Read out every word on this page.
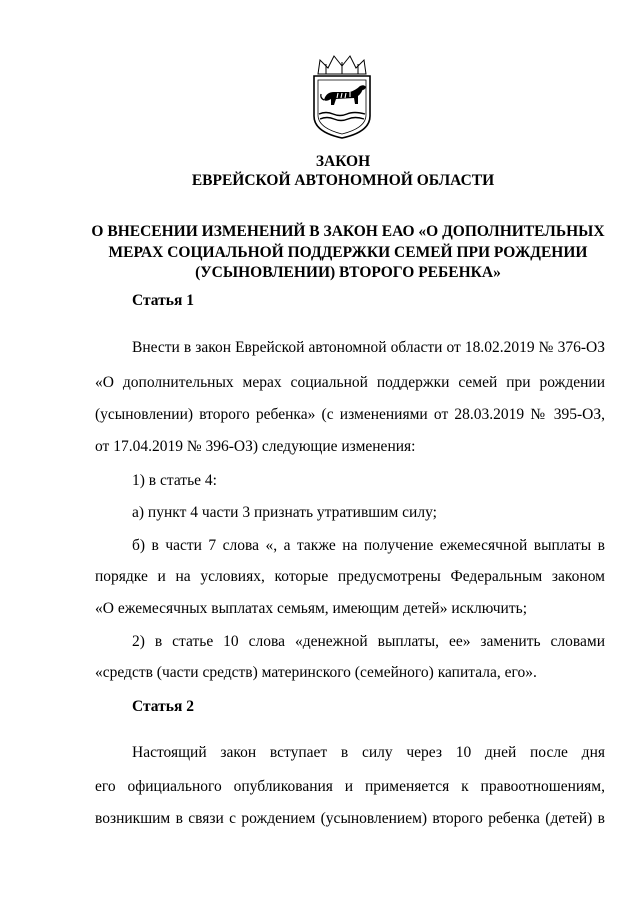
ЗАКОН
ЕВРЕЙСКОЙ АВТОНОМНОЙ ОБЛАСТИ
О ВНЕСЕНИИ ИЗМЕНЕНИЙ В ЗАКОН ЕАО «О ДОПОЛНИТЕЛЬНЫХ
МЕРАХ СОЦИАЛЬНОЙ ПОДДЕРЖКИ СЕМЕЙ ПРИ РОЖДЕНИИ
(УСЫНОВЛЕНИИ) ВТОРОГО РЕБЕНКА»
Статья 1
Внести в закон Еврейской автономной области от 18.02.2019 № 376-ОЗ
«О дополнительных мерах социальной поддержки семей при рождении
(усыновлении) второго ребенка» (с изменениями от 28.03.2019 № 395-ОЗ,
от 17.04.2019 № 396-ОЗ) следующие изменения:
1) в статье 4:
а) пункт 4 части 3 признать утратившим силу;
б) в части 7 слова «, а также на получение ежемесячной выплаты в
порядке и на условиях, которые предусмотрены Федеральным законом
«О ежемесячных выплатах семьям, имеющим детей» исключить;
2) в статье 10 слова «денежной выплаты, ее» заменить словами
«средств (части средств) материнского (семейного) капитала, его».
Статья 2
Настоящий закон вступает в силу через 10 дней после дня
его официального опубликования и применяется к правоотношениям,
возникшим в связи с рождением (усыновлением) второго ребенка (детей) в
